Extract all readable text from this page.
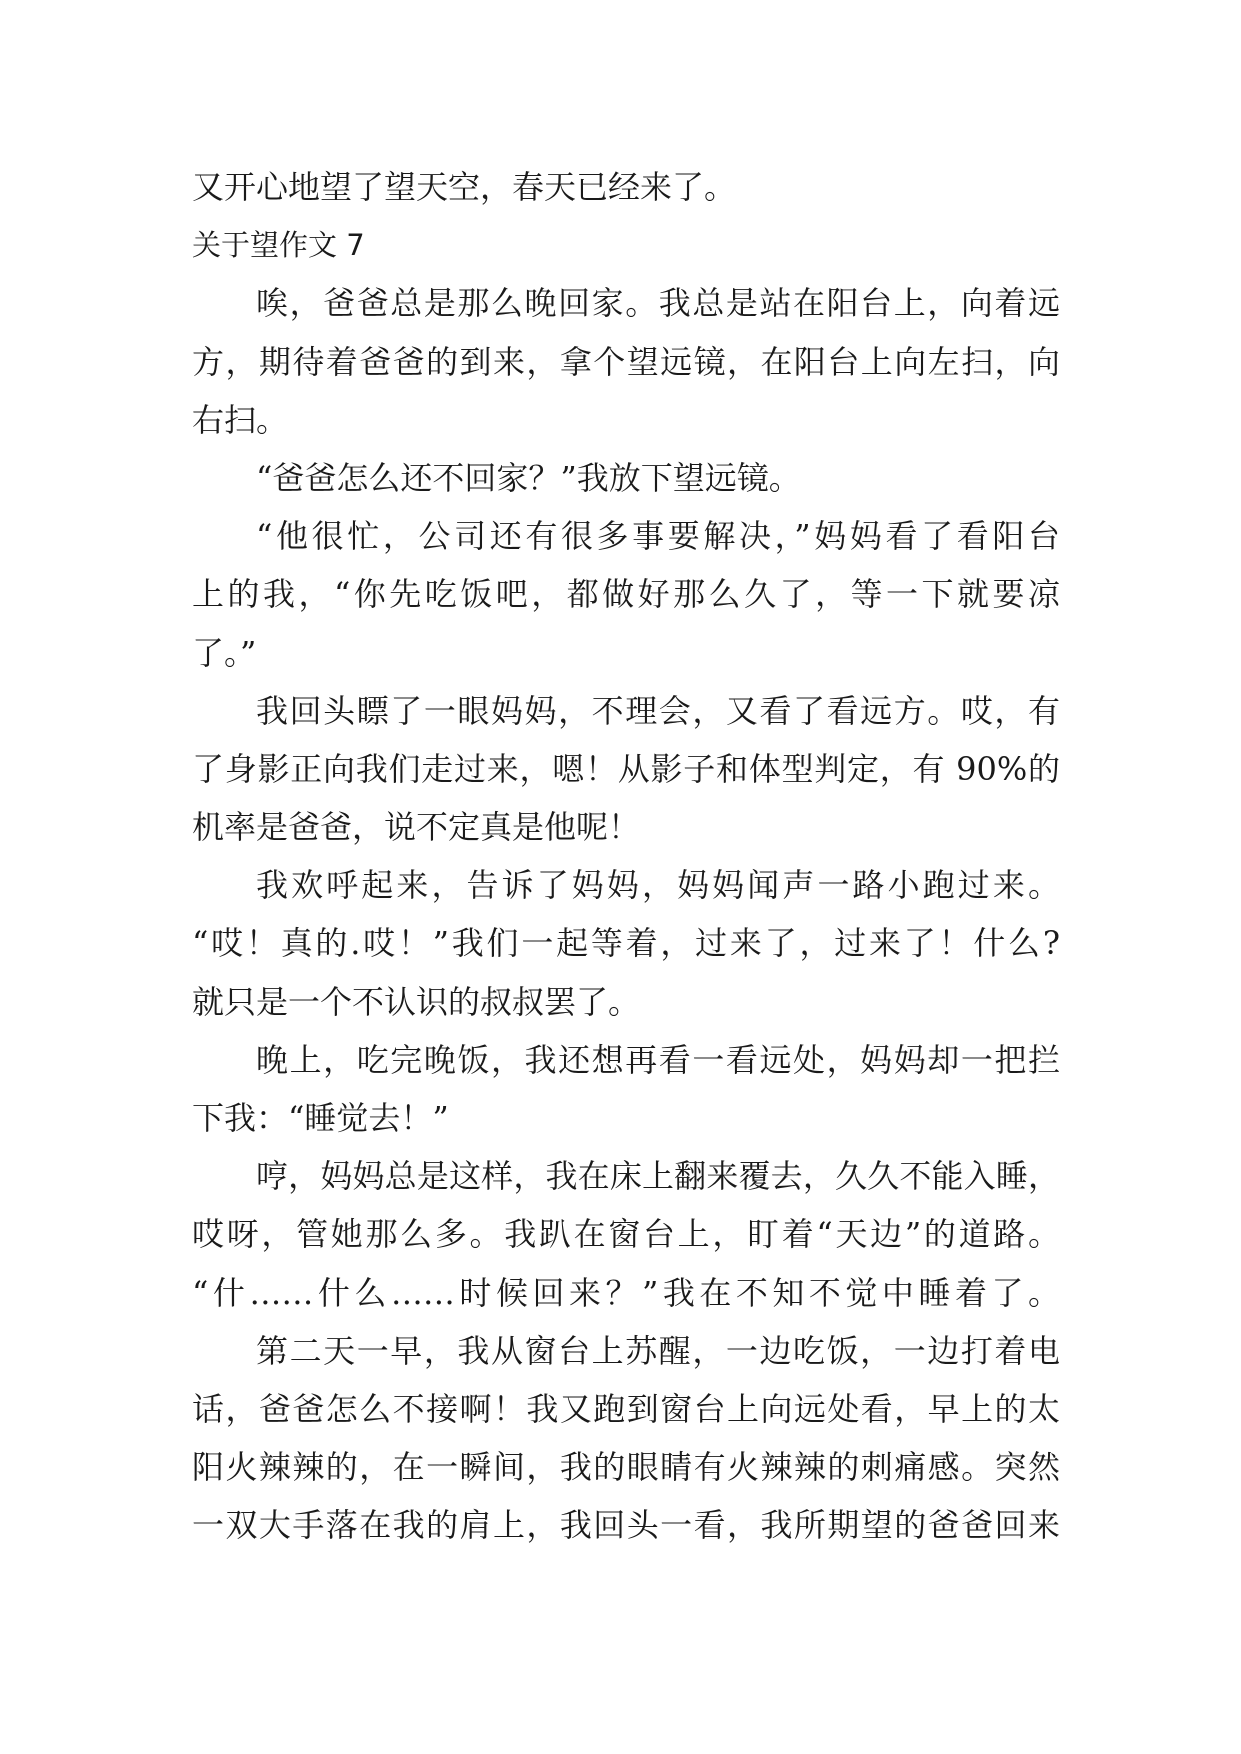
又开心地望了望天空，春天已经来了。
关于望作文 7
唉，爸爸总是那么晚回家。我总是站在阳台上，向着远
方，期待着爸爸的到来，拿个望远镜，在阳台上向左扫，向
右扫。
“爸爸怎么还不回家？”我放下望远镜。
“他很忙，公司还有很多事要解决，”妈妈看了看阳台
上的我，“你先吃饭吧，都做好那么久了，等一下就要凉
了。”
我回头瞟了一眼妈妈，不理会，又看了看远方。哎，有
了身影正向我们走过来，嗯！从影子和体型判定，有 90%的
机率是爸爸，说不定真是他呢！
我欢呼起来，告诉了妈妈，妈妈闻声一路小跑过来。
“哎！真的.哎！”我们一起等着，过来了，过来了！什么?
就只是一个不认识的叔叔罢了。
晚上，吃完晚饭，我还想再看一看远处，妈妈却一把拦
下我：“睡觉去！”
哼，妈妈总是这样，我在床上翻来覆去，久久不能入睡，
哎呀，管她那么多。我趴在窗台上，盯着“天边”的道路。
“什……什么……时候回来？”我在不知不觉中睡着了。
第二天一早，我从窗台上苏醒，一边吃饭，一边打着电
话，爸爸怎么不接啊！我又跑到窗台上向远处看，早上的太
阳火辣辣的，在一瞬间，我的眼睛有火辣辣的刺痛感。突然
一双大手落在我的肩上，我回头一看，我所期望的爸爸回来
